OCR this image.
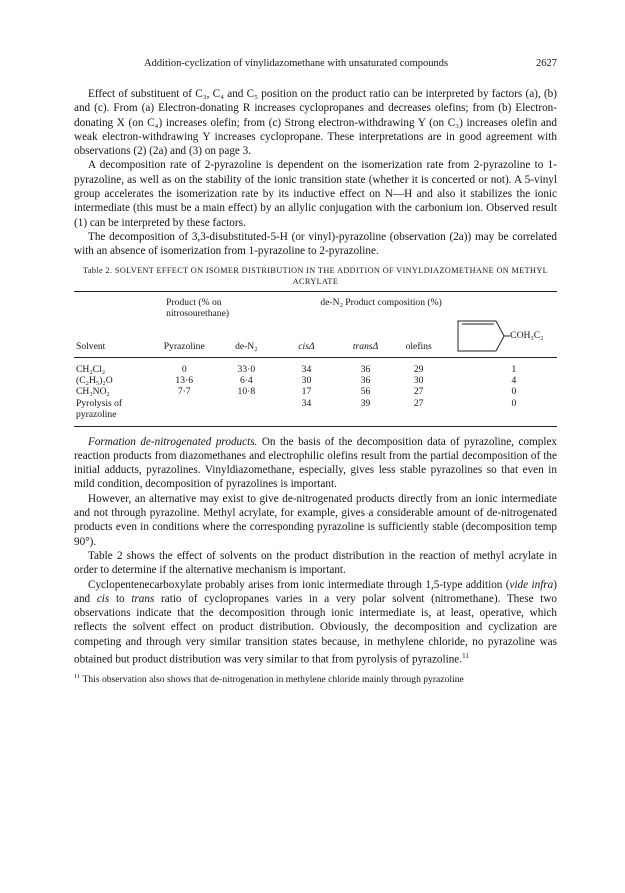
Addition-cyclization of vinylidazomethane with unsaturated compounds	2627

Effect of substituent of C₃, C₄ and C₅ position on the product ratio can be interpreted by factors (a), (b) and (c). From (a) Electron-donating R increases cyclopropanes and decreases olefins; from (b) Electron-donating X (on C₄) increases olefin; from (c) Strong electron-withdrawing Y (on C₃) increases olefin and weak electron-withdrawing Y increases cyclopropane. These interpretations are in good agreement with observations (2) (2a) and (3) on page 3.

A decomposition rate of 2-pyrazoline is dependent on the isomerization rate from 2-pyrazoline to 1-pyrazoline, as well as on the stability of the ionic transition state (whether it is concerted or not). A 5-vinyl group accelerates the isomerization rate by its inductive effect on N—H and also it stabilizes the ionic intermediate (this must be a main effect) by an allylic conjugation with the carbonium ion. Observed result (1) can be interpreted by these factors.

The decomposition of 3,3-disubstituted-5-H (or vinyl)-pyrazoline (observation (2a)) may be correlated with an absence of isomerization from 1-pyrazoline to 2-pyrazoline.

Table 2. SOLVENT EFFECT ON ISOMER DISTRIBUTION IN THE ADDITION OF VINYLDIAZOMETHANE ON METHYL ACRYLATE

	Product (% on nitrosourethane)		de-N₂ Product composition (%)			
Solvent	Pyrazoline	de-N₂	cisΔ	transΔ	olefins	COH₃C₂

CH₂Cl₂	0	33·0	34	36	29	1
(C₂H₅)₂O	13·6	6·4	30	36	30	4
CH₃NO₂	7·7	10·8	17	56	27	0
Pyrolysis of pyrazoline			34	39	27	0

Formation de-nitrogenated products. On the basis of the decomposition data of pyrazoline, complex reaction products from diazomethanes and electrophilic olefins result from the partial decomposition of the initial adducts, pyrazolines. Vinyldiazomethane, especially, gives less stable pyrazolines so that even in mild condition, decomposition of pyrazolines is important.

However, an alternative may exist to give de-nitrogenated products directly from an ionic intermediate and not through pyrazoline. Methyl acrylate, for example, gives a considerable amount of de-nitrogenated products even in conditions where the corresponding pyrazoline is sufficiently stable (decomposition temp 90°).

Table 2 shows the effect of solvents on the product distribution in the reaction of methyl acrylate in order to determine if the alternative mechanism is important.

Cyclopentenecarboxylate probably arises from ionic intermediate through 1,5-type addition (vide infra) and cis to trans ratio of cyclopropanes varies in a very polar solvent (nitromethane). These two observations indicate that the decomposition through ionic intermediate is, at least, operative, which reflects the solvent effect on product distribution. Obviously, the decomposition and cyclization are competing and through very similar transition states because, in methylene chloride, no pyrazoline was obtained but product distribution was very similar to that from pyrolysis of pyrazoline.$^{11}$

$^{11}$ This observation also shows that de-nitrogenation in methylene chloride mainly through pyrazoline
